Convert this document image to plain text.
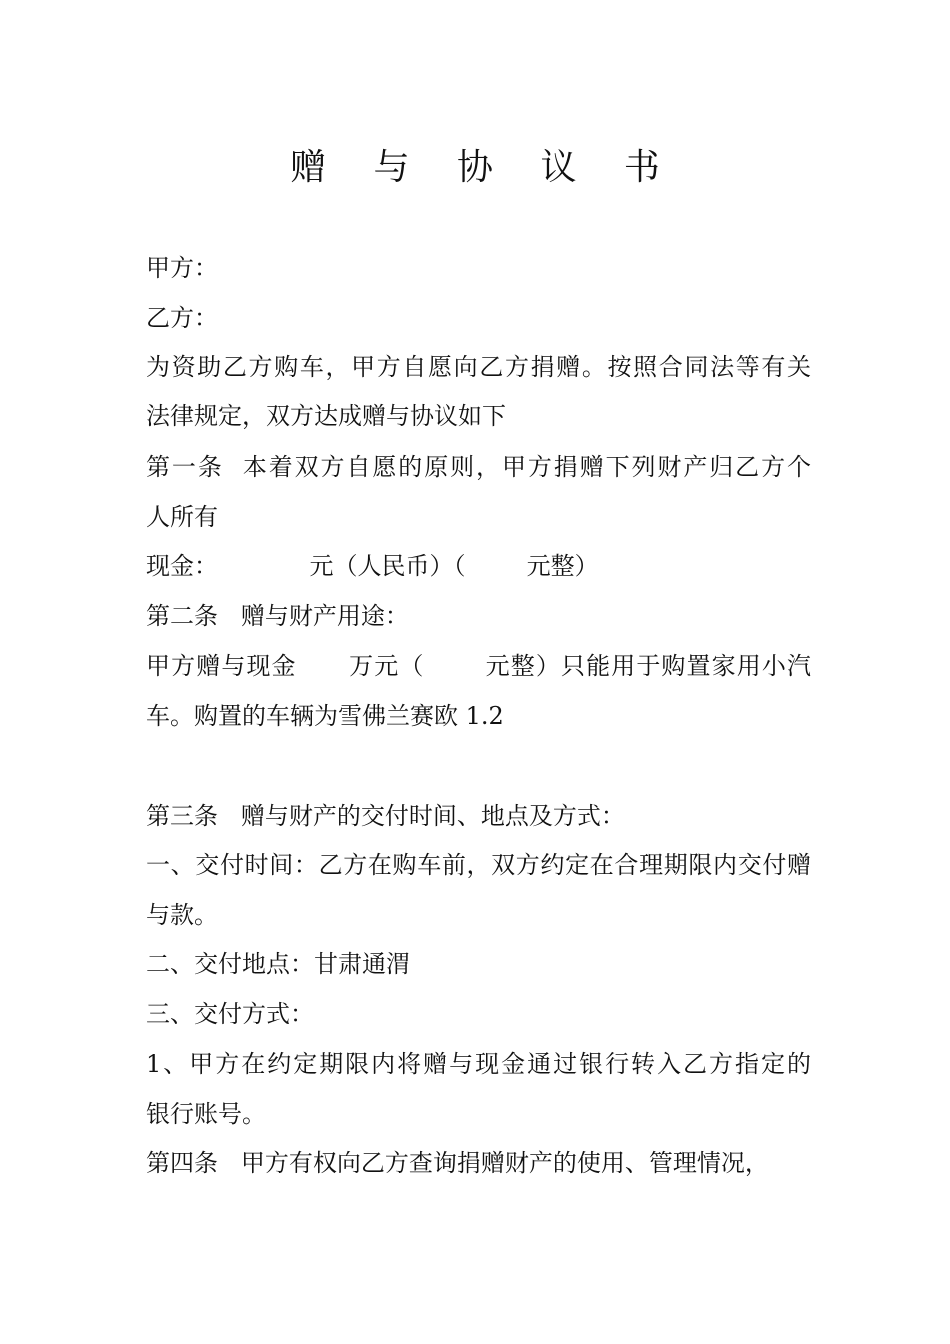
赠 与 协 议 书
甲方：
乙方：
为资助乙方购车，甲方自愿向乙方捐赠。按照合同法等有关
法律规定，双方达成赠与协议如下
第一条  本着双方自愿的原则，甲方捐赠下列财产归乙方个
人所有
现金：            元（人民币）（        元整）
第二条   赠与财产用途：
甲方赠与现金      万元（       元整）只能用于购置家用小汽
车。购置的车辆为雪佛兰赛欧 1.2
第三条   赠与财产的交付时间、地点及方式：
一、交付时间：乙方在购车前，双方约定在合理期限内交付赠
与款。
二、交付地点：甘肃通渭
三、交付方式：
1、甲方在约定期限内将赠与现金通过银行转入乙方指定的
银行账号。
第四条   甲方有权向乙方查询捐赠财产的使用、管理情况，
